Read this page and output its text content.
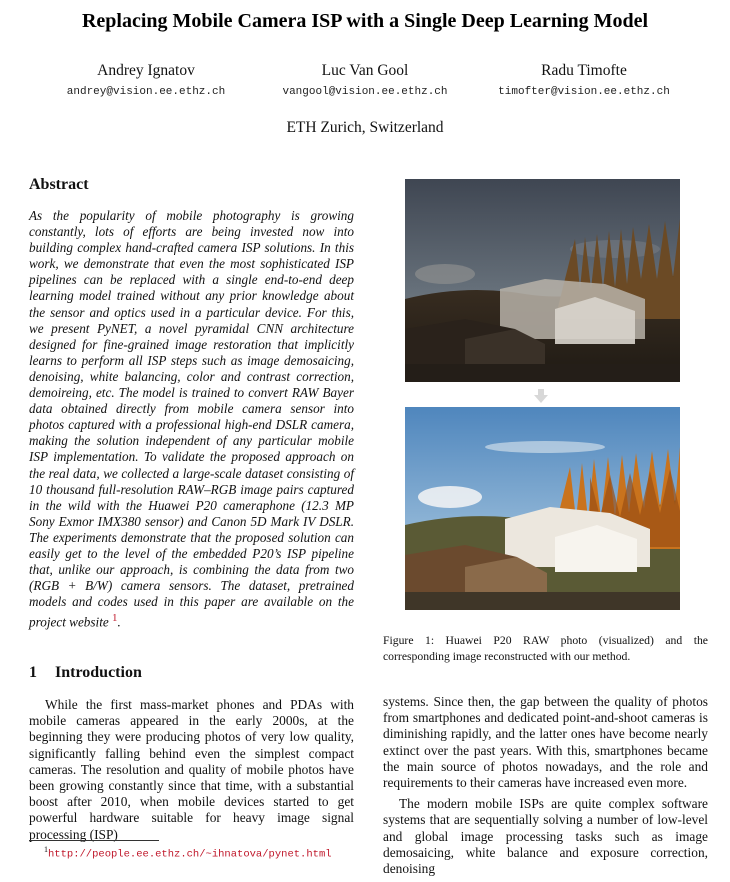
Replacing Mobile Camera ISP with a Single Deep Learning Model
Andrey Ignatov
andrey@vision.ee.ethz.ch
Luc Van Gool
vangool@vision.ee.ethz.ch
Radu Timofte
timofter@vision.ee.ethz.ch
ETH Zurich, Switzerland
Abstract
As the popularity of mobile photography is growing constantly, lots of efforts are being invested now into building complex hand-crafted camera ISP solutions. In this work, we demonstrate that even the most sophisticated ISP pipelines can be replaced with a single end-to-end deep learning model trained without any prior knowledge about the sensor and optics used in a particular device. For this, we present PyNET, a novel pyramidal CNN architecture designed for fine-grained image restoration that implicitly learns to perform all ISP steps such as image demosaicing, denoising, white balancing, color and contrast correction, demoireing, etc. The model is trained to convert RAW Bayer data obtained directly from mobile camera sensor into photos captured with a professional high-end DSLR camera, making the solution independent of any particular mobile ISP implementation. To validate the proposed approach on the real data, we collected a large-scale dataset consisting of 10 thousand full-resolution RAW–RGB image pairs captured in the wild with the Huawei P20 cameraphone (12.3 MP Sony Exmor IMX380 sensor) and Canon 5D Mark IV DSLR. The experiments demonstrate that the proposed solution can easily get to the level of the embedded P20’s ISP pipeline that, unlike our approach, is combining the data from two (RGB + B/W) camera sensors. The dataset, pretrained models and codes used in this paper are available on the project website $^1$.
1 Introduction
While the first mass-market phones and PDAs with mobile cameras appeared in the early 2000s, at the beginning they were producing photos of very low quality, significantly falling behind even the simplest compact cameras. The resolution and quality of mobile photos have been growing constantly since that time, with a substantial boost after 2010, when mobile devices started to get powerful hardware suitable for heavy image signal processing (ISP)
$^1$http://people.ee.ethz.ch/~ihnatova/pynet.html
Figure 1: Huawei P20 RAW photo (visualized) and the corresponding image reconstructed with our method.

systems. Since then, the gap between the quality of photos from smartphones and dedicated point-and-shoot cameras is diminishing rapidly, and the latter ones have become nearly extinct over the past years. With this, smartphones became the main source of photos nowadays, and the role and requirements to their cameras have increased even more.

The modern mobile ISPs are quite complex software systems that are sequentially solving a number of low-level and global image processing tasks such as image demosaicing, white balance and exposure correction, denoising
